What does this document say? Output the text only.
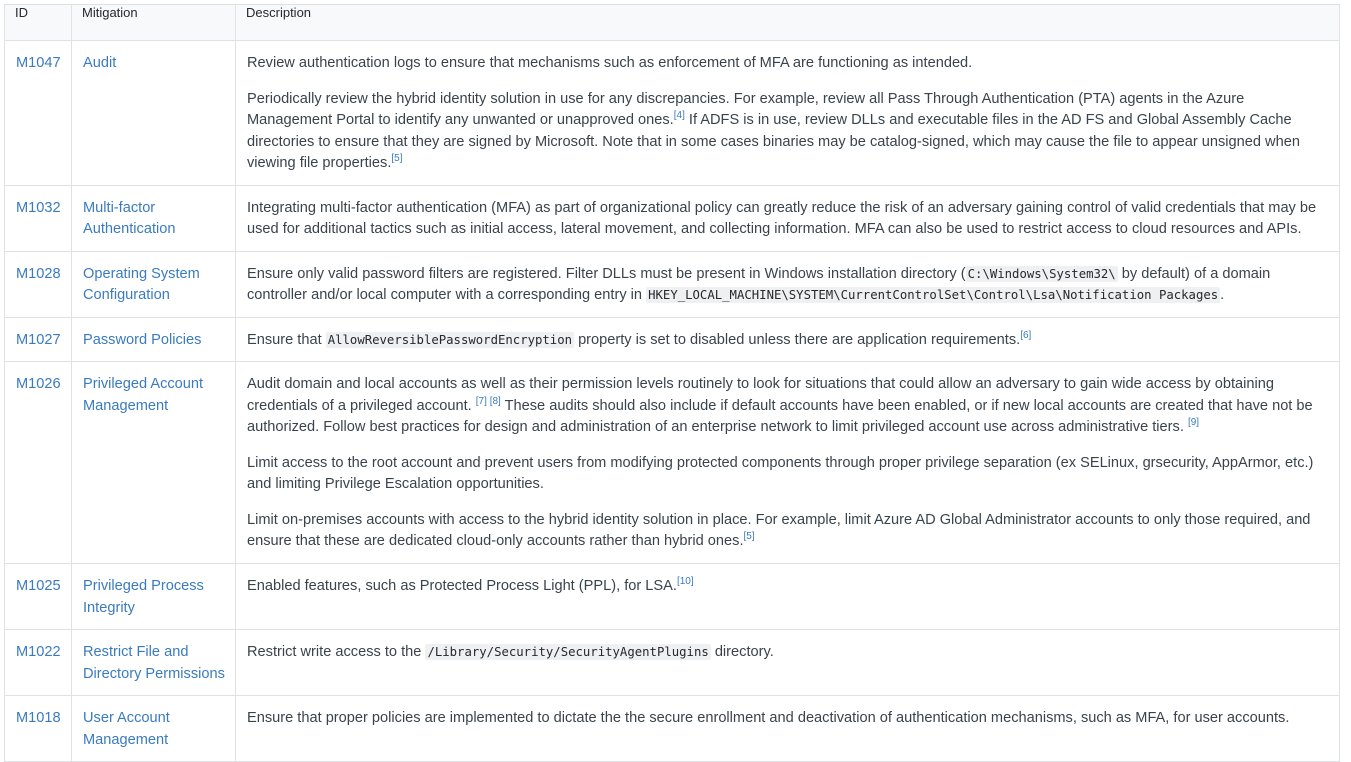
ID	Mitigation	Description
M1047	Audit	Review authentication logs to ensure that mechanisms such as enforcement of MFA are functioning as intended.

Periodically review the hybrid identity solution in use for any discrepancies. For example, review all Pass Through Authentication (PTA) agents in the Azure Management Portal to identify any unwanted or unapproved ones.[4] If ADFS is in use, review DLLs and executable files in the AD FS and Global Assembly Cache directories to ensure that they are signed by Microsoft. Note that in some cases binaries may be catalog-signed, which may cause the file to appear unsigned when viewing file properties.[5]

M1032	Multi-factor Authentication	Integrating multi-factor authentication (MFA) as part of organizational policy can greatly reduce the risk of an adversary gaining control of valid credentials that may be used for additional tactics such as initial access, lateral movement, and collecting information. MFA can also be used to restrict access to cloud resources and APIs.

M1028	Operating System Configuration	Ensure only valid password filters are registered. Filter DLLs must be present in Windows installation directory ( C:\Windows\System32\ by default) of a domain controller and/or local computer with a corresponding entry in HKEY_LOCAL_MACHINE\SYSTEM\CurrentControlSet\Control\Lsa\Notification Packages .

M1027	Password Policies	Ensure that AllowReversiblePasswordEncryption property is set to disabled unless there are application requirements.[6]

M1026	Privileged Account Management	Audit domain and local accounts as well as their permission levels routinely to look for situations that could allow an adversary to gain wide access by obtaining credentials of a privileged account. [7] [8] These audits should also include if default accounts have been enabled, or if new local accounts are created that have not be authorized. Follow best practices for design and administration of an enterprise network to limit privileged account use across administrative tiers. [9]

Limit access to the root account and prevent users from modifying protected components through proper privilege separation (ex SELinux, grsecurity, AppArmor, etc.) and limiting Privilege Escalation opportunities.

Limit on-premises accounts with access to the hybrid identity solution in place. For example, limit Azure AD Global Administrator accounts to only those required, and ensure that these are dedicated cloud-only accounts rather than hybrid ones.[5]

M1025	Privileged Process Integrity	Enabled features, such as Protected Process Light (PPL), for LSA.[10]

M1022	Restrict File and Directory Permissions	Restrict write access to the /Library/Security/SecurityAgentPlugins directory.

M1018	User Account Management	Ensure that proper policies are implemented to dictate the the secure enrollment and deactivation of authentication mechanisms, such as MFA, for user accounts.
